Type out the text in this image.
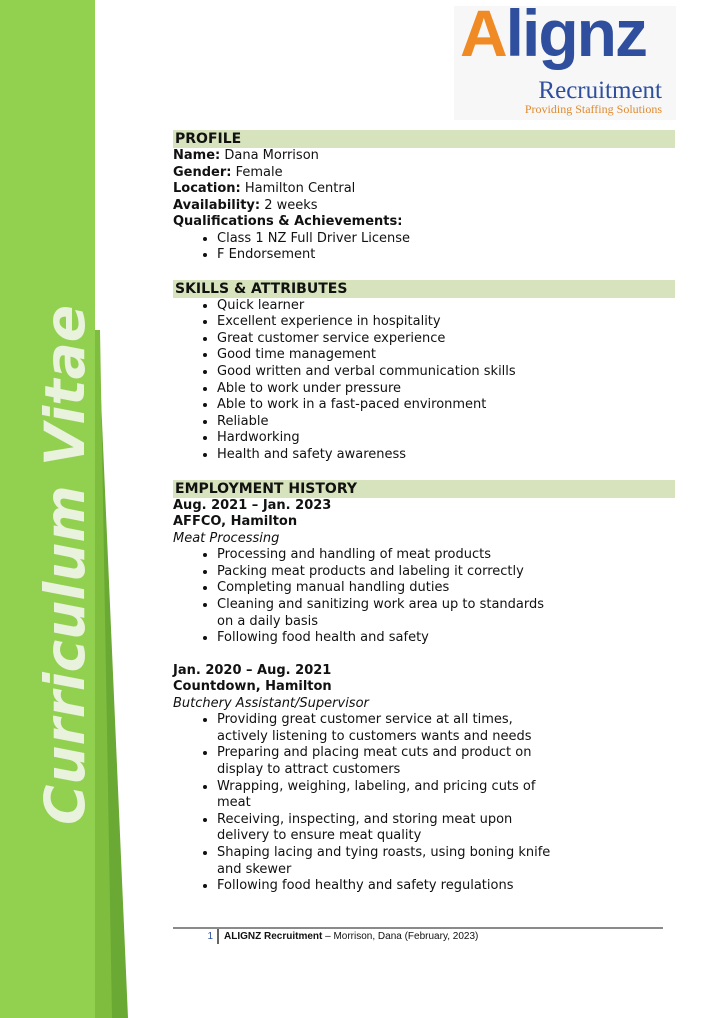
Curriculum Vitae
Alignz
Recruitment
Providing Staffing Solutions
PROFILE
Name: Dana Morrison
Gender: Female
Location: Hamilton Central
Availability: 2 weeks
Qualifications & Achievements:
• Class 1 NZ Full Driver License
• F Endorsement
SKILLS & ATTRIBUTES
• Quick learner
• Excellent experience in hospitality
• Great customer service experience
• Good time management
• Good written and verbal communication skills
• Able to work under pressure
• Able to work in a fast-paced environment
• Reliable
• Hardworking
• Health and safety awareness
EMPLOYMENT HISTORY
Aug. 2021 – Jan. 2023
AFFCO, Hamilton
Meat Processing
• Processing and handling of meat products
• Packing meat products and labeling it correctly
• Completing manual handling duties
• Cleaning and sanitizing work area up to standards on a daily basis
• Following food health and safety
Jan. 2020 – Aug. 2021
Countdown, Hamilton
Butchery Assistant/Supervisor
• Providing great customer service at all times, actively listening to customers wants and needs
• Preparing and placing meat cuts and product on display to attract customers
• Wrapping, weighing, labeling, and pricing cuts of meat
• Receiving, inspecting, and storing meat upon delivery to ensure meat quality
• Shaping lacing and tying roasts, using boning knife and skewer
• Following food healthy and safety regulations
1 ALIGNZ Recruitment – Morrison, Dana (February, 2023)
